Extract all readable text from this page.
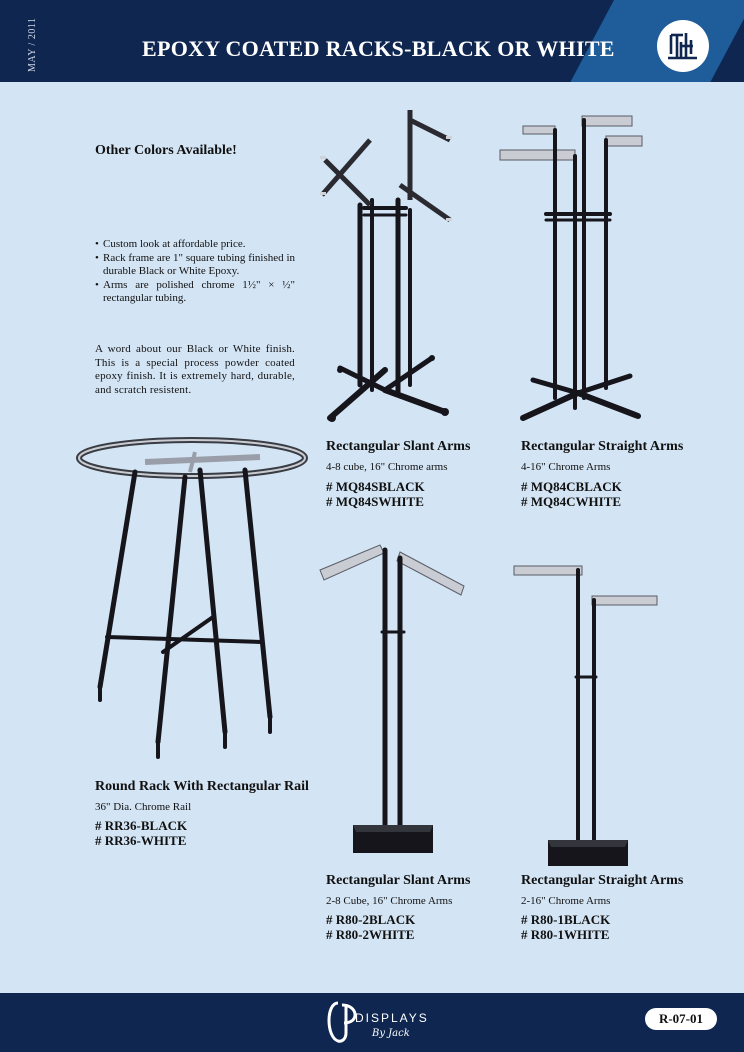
MAY / 2011	EPOXY COATED RACKS-BLACK OR WHITE
Other Colors Available!
• Custom look at affordable price.
• Rack frame are 1" square tubing finished in durable Black or White Epoxy.
• Arms are polished chrome 1½" × ½" rectangular tubing.
A word about our Black or White finish. This is a special process powder coated epoxy finish. It is extremely hard, durable, and scratch resistent.
Rectangular Slant Arms
4-8 cube, 16" Chrome arms
# MQ84SBLACK
# MQ84SWHITE
Rectangular Straight Arms
4-16" Chrome Arms
# MQ84CBLACK
# MQ84CWHITE
Round Rack With Rectangular Rail
36" Dia. Chrome Rail
# RR36-BLACK
# RR36-WHITE
Rectangular Slant Arms
2-8 Cube, 16" Chrome Arms
# R80-2BLACK
# R80-2WHITE
Rectangular Straight Arms
2-16" Chrome Arms
# R80-1BLACK
# R80-1WHITE
DISPLAYS
By Jack
R-07-01
